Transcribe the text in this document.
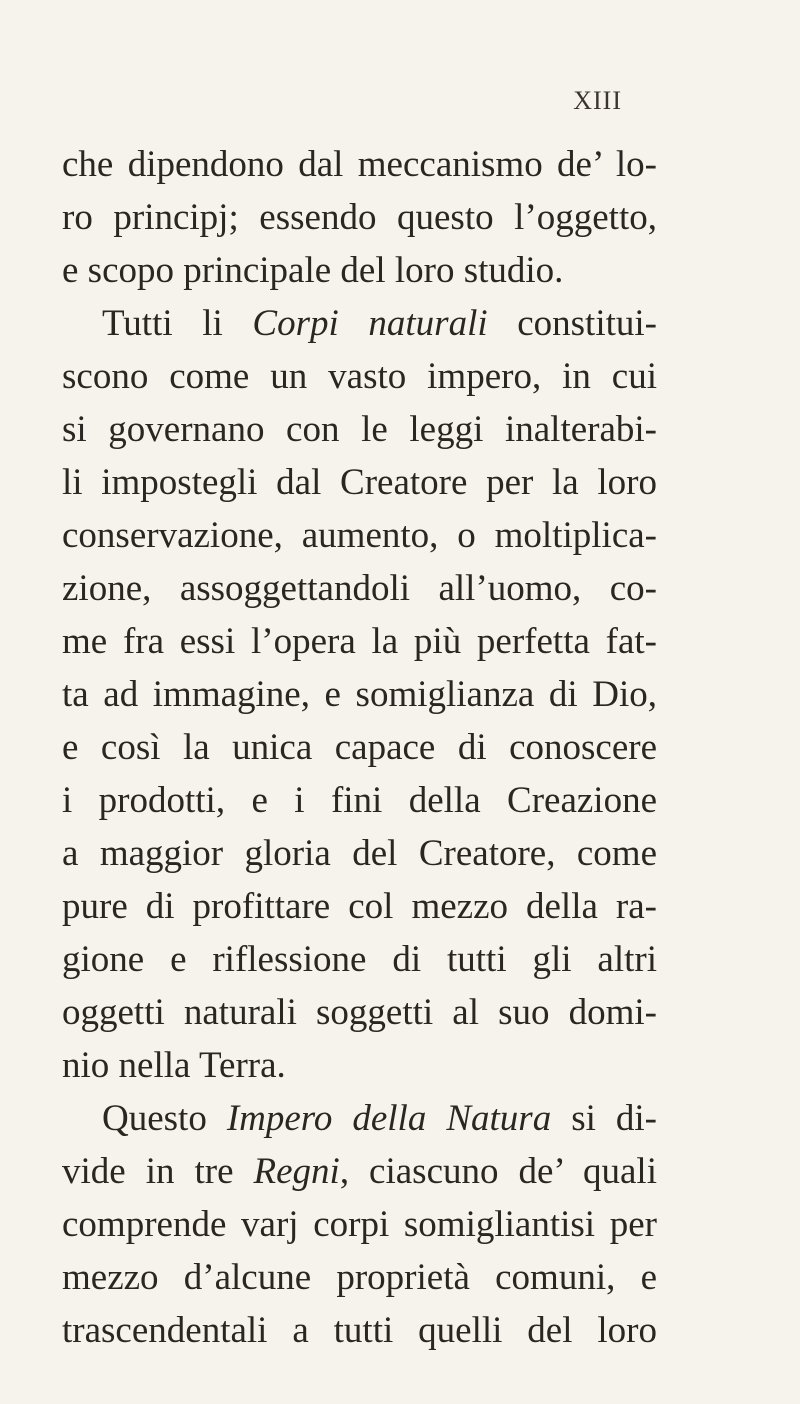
XIII
che dipendono dal meccanismo de’ lo-
ro principj; essendo questo l’oggetto,
e scopo principale del loro studio.
Tutti li Corpi naturali constitui-
scono come un vasto impero, in cui
si governano con le leggi inalterabi-
li impostegli dal Creatore per la loro
conservazione, aumento, o moltiplica-
zione, assoggettandoli all’uomo, co-
me fra essi l’opera la più perfetta fat-
ta ad immagine, e somiglianza di Dio,
e così la unica capace di conoscere
i prodotti, e i fini della Creazione
a maggior gloria del Creatore, come
pure di profittare col mezzo della ra-
gione e riflessione di tutti gli altri
oggetti naturali soggetti al suo domi-
nio nella Terra.
Questo Impero della Natura si di-
vide in tre Regni, ciascuno de’ quali
comprende varj corpi somigliantisi per
mezzo d’alcune proprietà comuni, e
trascendentali a tutti quelli del loro
